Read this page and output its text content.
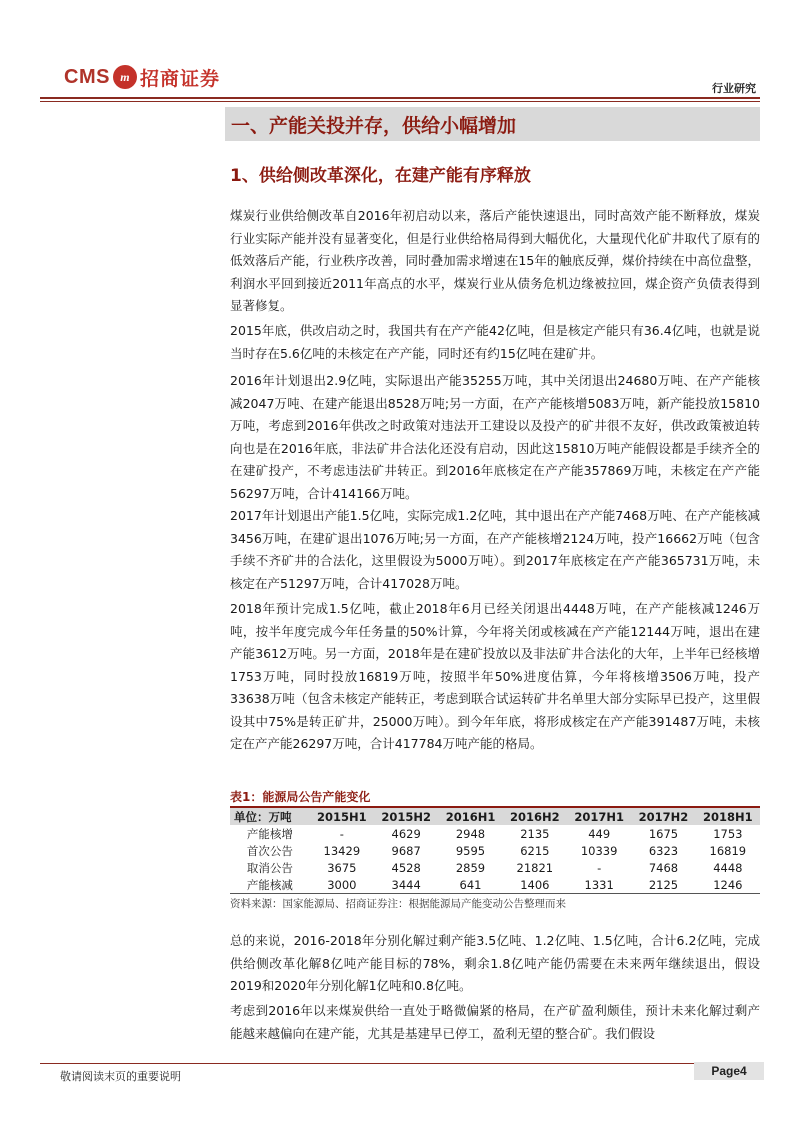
CMS m 招商证券	行业研究
一、产能关投并存，供给小幅增加
1、供给侧改革深化，在建产能有序释放

煤炭行业供给侧改革自2016年初启动以来，落后产能快速退出，同时高效产能不断释放，煤炭行业实际产能并没有显著变化，但是行业供给格局得到大幅优化，大量现代化矿井取代了原有的低效落后产能，行业秩序改善，同时叠加需求增速在15年的触底反弹，煤价持续在中高位盘整，利润水平回到接近2011年高点的水平，煤炭行业从债务危机边缘被拉回，煤企资产负债表得到显著修复。

2015年底，供改启动之时，我国共有在产产能42亿吨，但是核定产能只有36.4亿吨，也就是说当时存在5.6亿吨的未核定在产产能，同时还有约15亿吨在建矿井。

2016年计划退出2.9亿吨，实际退出产能35255万吨，其中关闭退出24680万吨、在产产能核减2047万吨、在建产能退出8528万吨;另一方面，在产产能核增5083万吨，新产能投放15810万吨，考虑到2016年供改之时政策对违法开工建设以及投产的矿井很不友好，供改政策被迫转向也是在2016年底，非法矿井合法化还没有启动，因此这15810万吨产能假设都是手续齐全的在建矿投产，不考虑违法矿井转正。到2016年底核定在产产能357869万吨，未核定在产产能56297万吨，合计414166万吨。

2017年计划退出产能1.5亿吨，实际完成1.2亿吨，其中退出在产产能7468万吨、在产产能核减3456万吨，在建矿退出1076万吨;另一方面，在产产能核增2124万吨，投产16662万吨（包含手续不齐矿井的合法化，这里假设为5000万吨）。到2017年底核定在产产能365731万吨，未核定在产51297万吨，合计417028万吨。

2018年预计完成1.5亿吨，截止2018年6月已经关闭退出4448万吨，在产产能核减1246万吨，按半年度完成今年任务量的50%计算，今年将关闭或核减在产产能12144万吨，退出在建产能3612万吨。另一方面，2018年是在建矿投放以及非法矿井合法化的大年，上半年已经核增1753万吨，同时投放16819万吨，按照半年50%进度估算，今年将核增3506万吨，投产33638万吨（包含未核定产能转正，考虑到联合试运转矿井名单里大部分实际早已投产，这里假设其中75%是转正矿井，25000万吨）。到今年年底，将形成核定在产产能391487万吨，未核定在产产能26297万吨，合计417784万吨产能的格局。

表1：能源局公告产能变化
单位：万吨	2015H1	2015H2	2016H1	2016H2	2017H1	2017H2	2018H1
产能核增	-	4629	2948	2135	449	1675	1753
首次公告	13429	9687	9595	6215	10339	6323	16819
取消公告	3675	4528	2859	21821	-	7468	4448
产能核减	3000	3444	641	1406	1331	2125	1246
资料来源：国家能源局、招商证券注：根据能源局产能变动公告整理而来

总的来说，2016-2018年分别化解过剩产能3.5亿吨、1.2亿吨、1.5亿吨，合计6.2亿吨，完成供给侧改革化解8亿吨产能目标的78%，剩余1.8亿吨产能仍需要在未来两年继续退出，假设2019和2020年分别化解1亿吨和0.8亿吨。

考虑到2016年以来煤炭供给一直处于略微偏紧的格局，在产矿盈利颇佳，预计未来化解过剩产能越来越偏向在建产能，尤其是基建早已停工，盈利无望的整合矿。我们假设

敬请阅读末页的重要说明	Page4
